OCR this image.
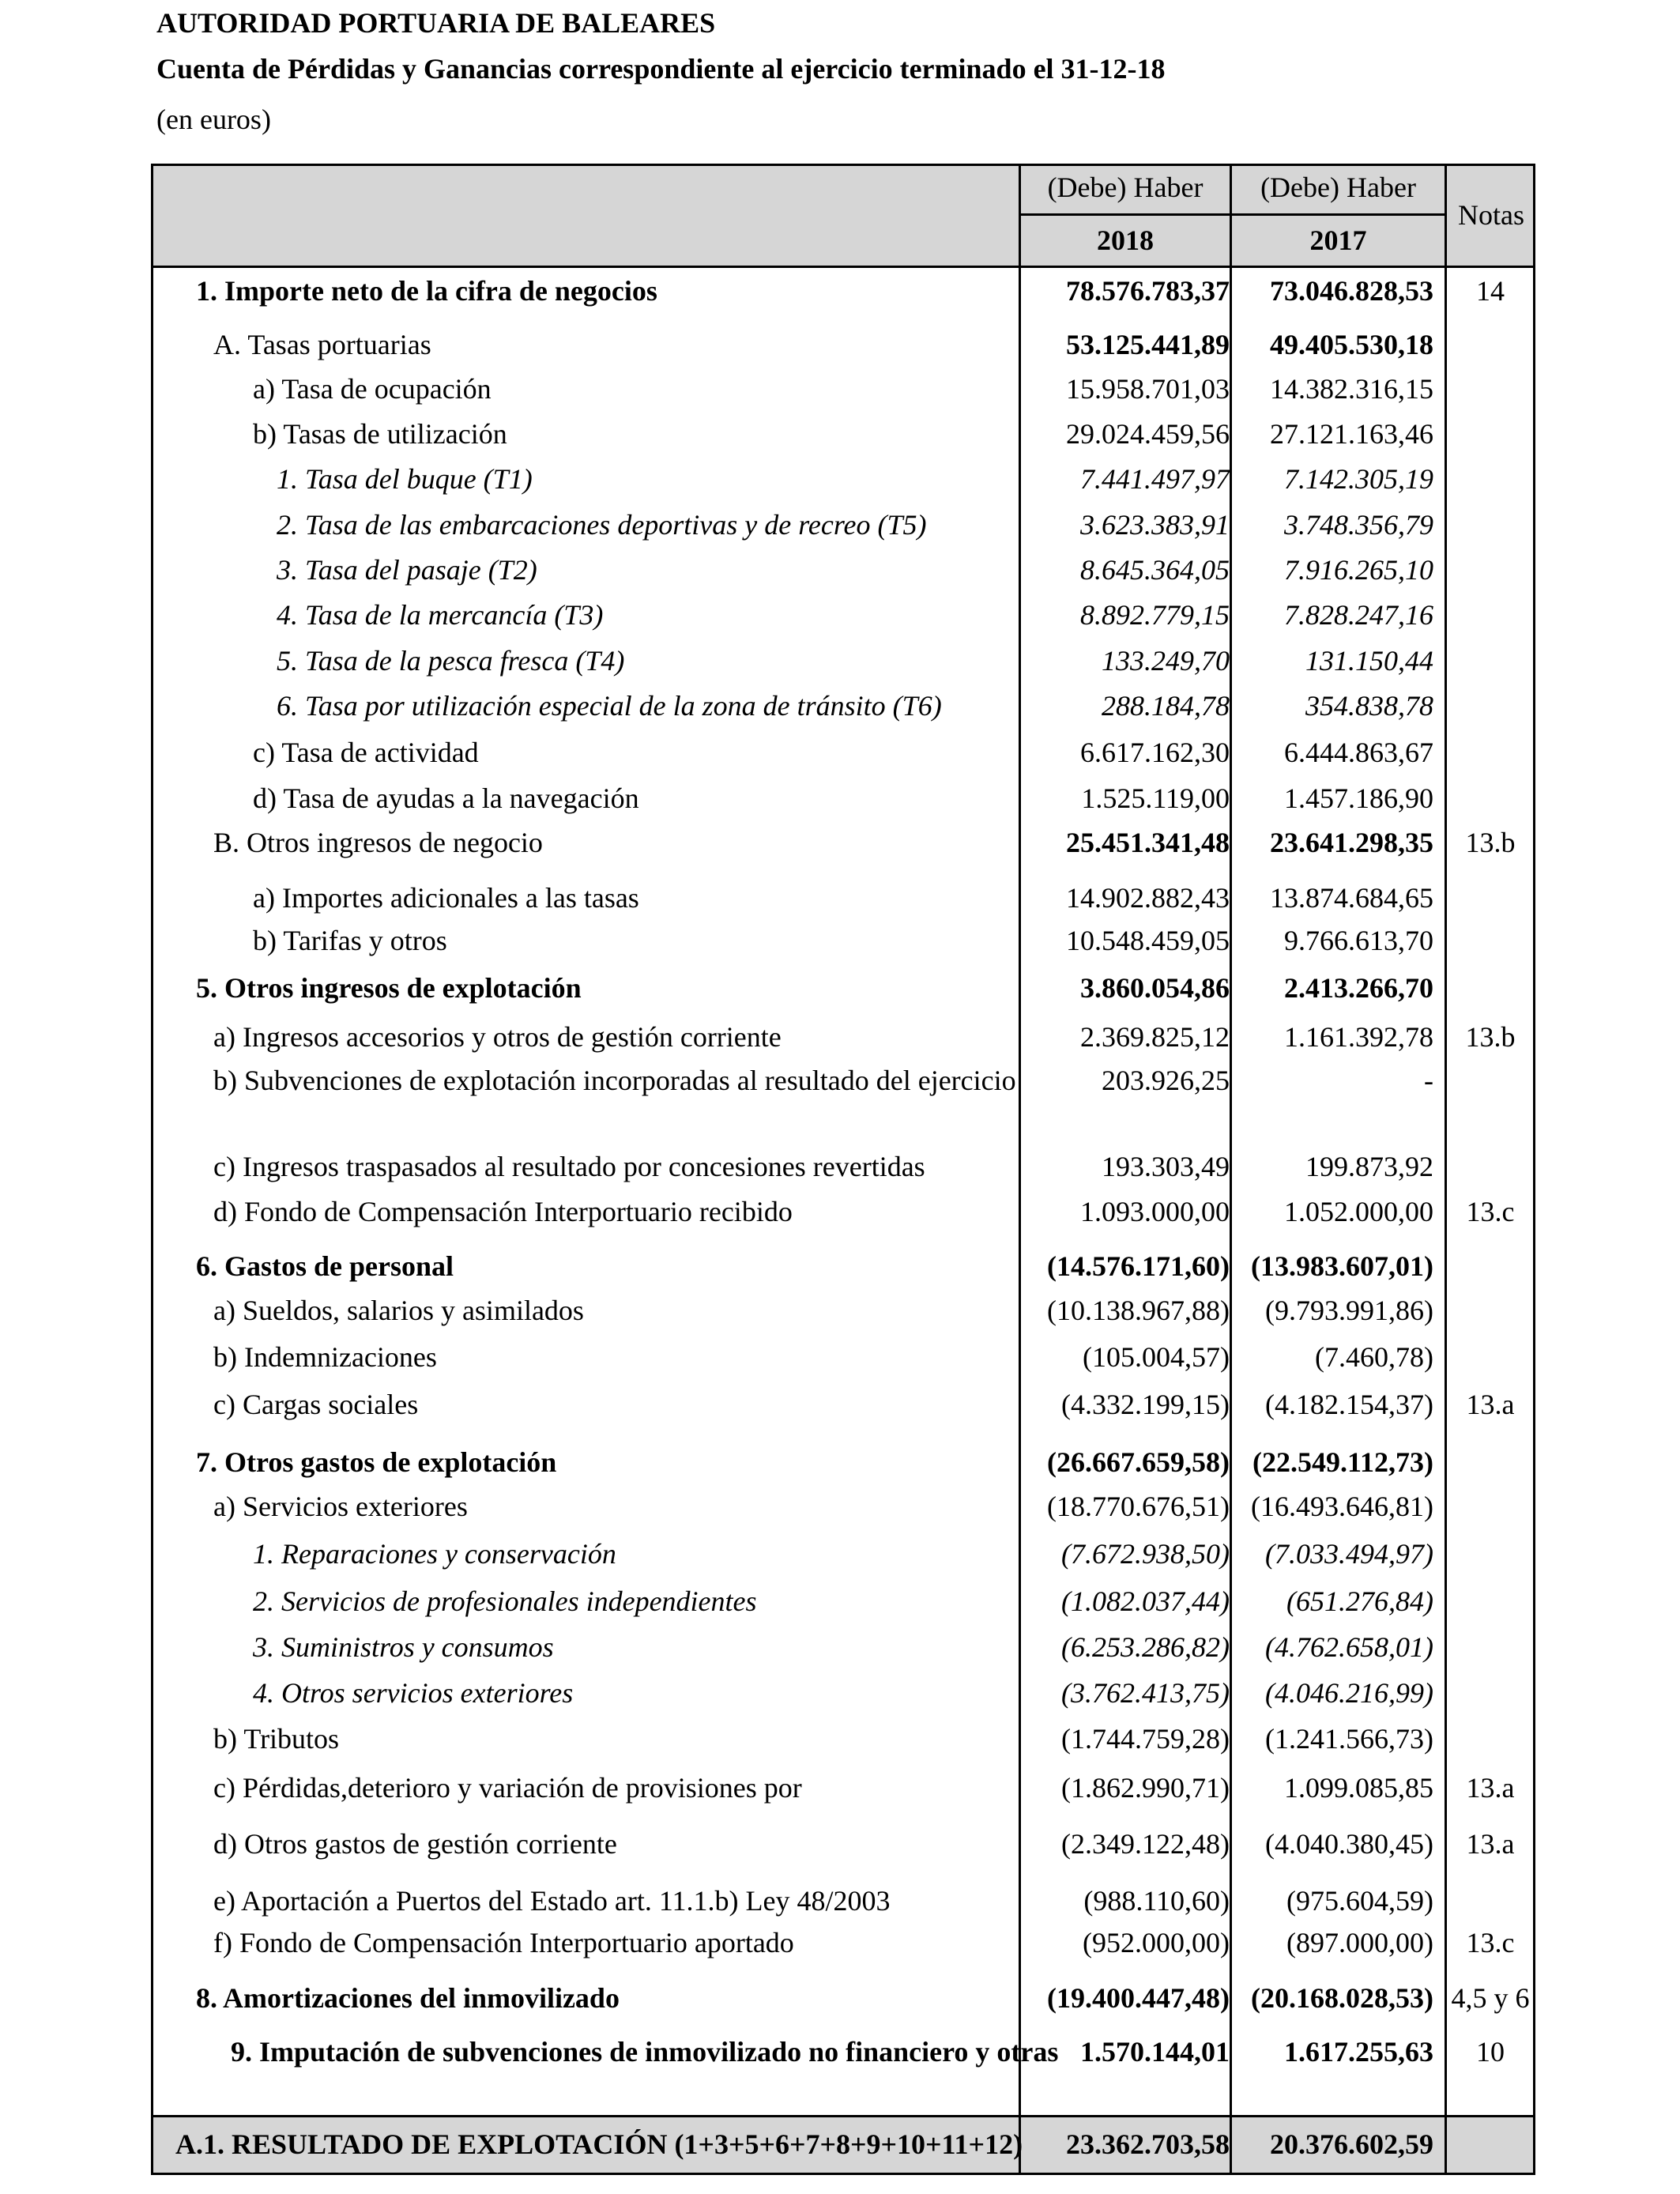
AUTORIDAD PORTUARIA DE BALEARES
Cuenta de Pérdidas y Ganancias correspondiente al ejercicio terminado el 31-12-18
(en euros)
(Debe) Haber
2018
(Debe) Haber
2017
Notas
1. Importe neto de la cifra de negocios	78.576.783,37 73.046.828,53	14
A. Tasas portuarias	53.125.441,89 49.405.530,18
a) Tasa de ocupación	15.958.701,03 14.382.316,15
b) Tasas de utilización	29.024.459,56 27.121.163,46
1. Tasa del buque (T1)	7.441.497,97 7.142.305,19
2. Tasa de las embarcaciones deportivas y de recreo (T5)	3.623.383,91 3.748.356,79
3. Tasa del pasaje (T2)	8.645.364,05 7.916.265,10
4. Tasa de la mercancía (T3)	8.892.779,15 7.828.247,16
5. Tasa de la pesca fresca (T4)	133.249,70	131.150,44
6. Tasa por utilización especial de la zona de tránsito (T6)	288.184,78	354.838,78
c) Tasa de actividad	6.617.162,30 6.444.863,67
d) Tasa de ayudas a la navegación	1.525.119,00 1.457.186,90
B. Otros ingresos de negocio	25.451.341,48 23.641.298,35	13.b
a) Importes adicionales a las tasas	14.902.882,43 13.874.684,65
b) Tarifas y otros	10.548.459,05 9.766.613,70
5. Otros ingresos de explotación	3.860.054,86 2.413.266,70
a) Ingresos accesorios y otros de gestión corriente	2.369.825,12 1.161.392,78	13.b
b) Subvenciones de explotación incorporadas al resultado del ejercicio	203.926,25	-
c) Ingresos traspasados al resultado por concesiones revertidas	193.303,49	199.873,92
d) Fondo de Compensación Interportuario recibido	1.093.000,00 1.052.000,00	13.c
6. Gastos de personal	(14.576.171,60) (13.983.607,01)
a) Sueldos, salarios y asimilados	(10.138.967,88) (9.793.991,86)
b) Indemnizaciones	(105.004,57)	(7.460,78)
c) Cargas sociales	(4.332.199,15) (4.182.154,37)	13.a
7. Otros gastos de explotación	(26.667.659,58) (22.549.112,73)
a) Servicios exteriores	(18.770.676,51) (16.493.646,81)
1. Reparaciones y conservación	(7.672.938,50) (7.033.494,97)
2. Servicios de profesionales independientes	(1.082.037,44) (651.276,84)
3. Suministros y consumos	(6.253.286,82) (4.762.658,01)
4. Otros servicios exteriores	(3.762.413,75) (4.046.216,99)
b) Tributos	(1.744.759,28) (1.241.566,73)
c) Pérdidas,deterioro y variación de provisiones por	(1.862.990,71) 1.099.085,85	13.a
d) Otros gastos de gestión corriente	(2.349.122,48) (4.040.380,45)	13.a
e) Aportación a Puertos del Estado art. 11.1.b) Ley 48/2003	(988.110,60) (975.604,59)
f) Fondo de Compensación Interportuario aportado	(952.000,00) (897.000,00)	13.c
8. Amortizaciones del inmovilizado	(19.400.447,48) (20.168.028,53) 4,5 y 6
9. Imputación de subvenciones de inmovilizado no financiero y otras 1.570.144,01 1.617.255,63	10
A.1. RESULTADO DE EXPLOTACIÓN (1+3+5+6+7+8+9+10+11+12) 23.362.703,58 20.376.602,59
